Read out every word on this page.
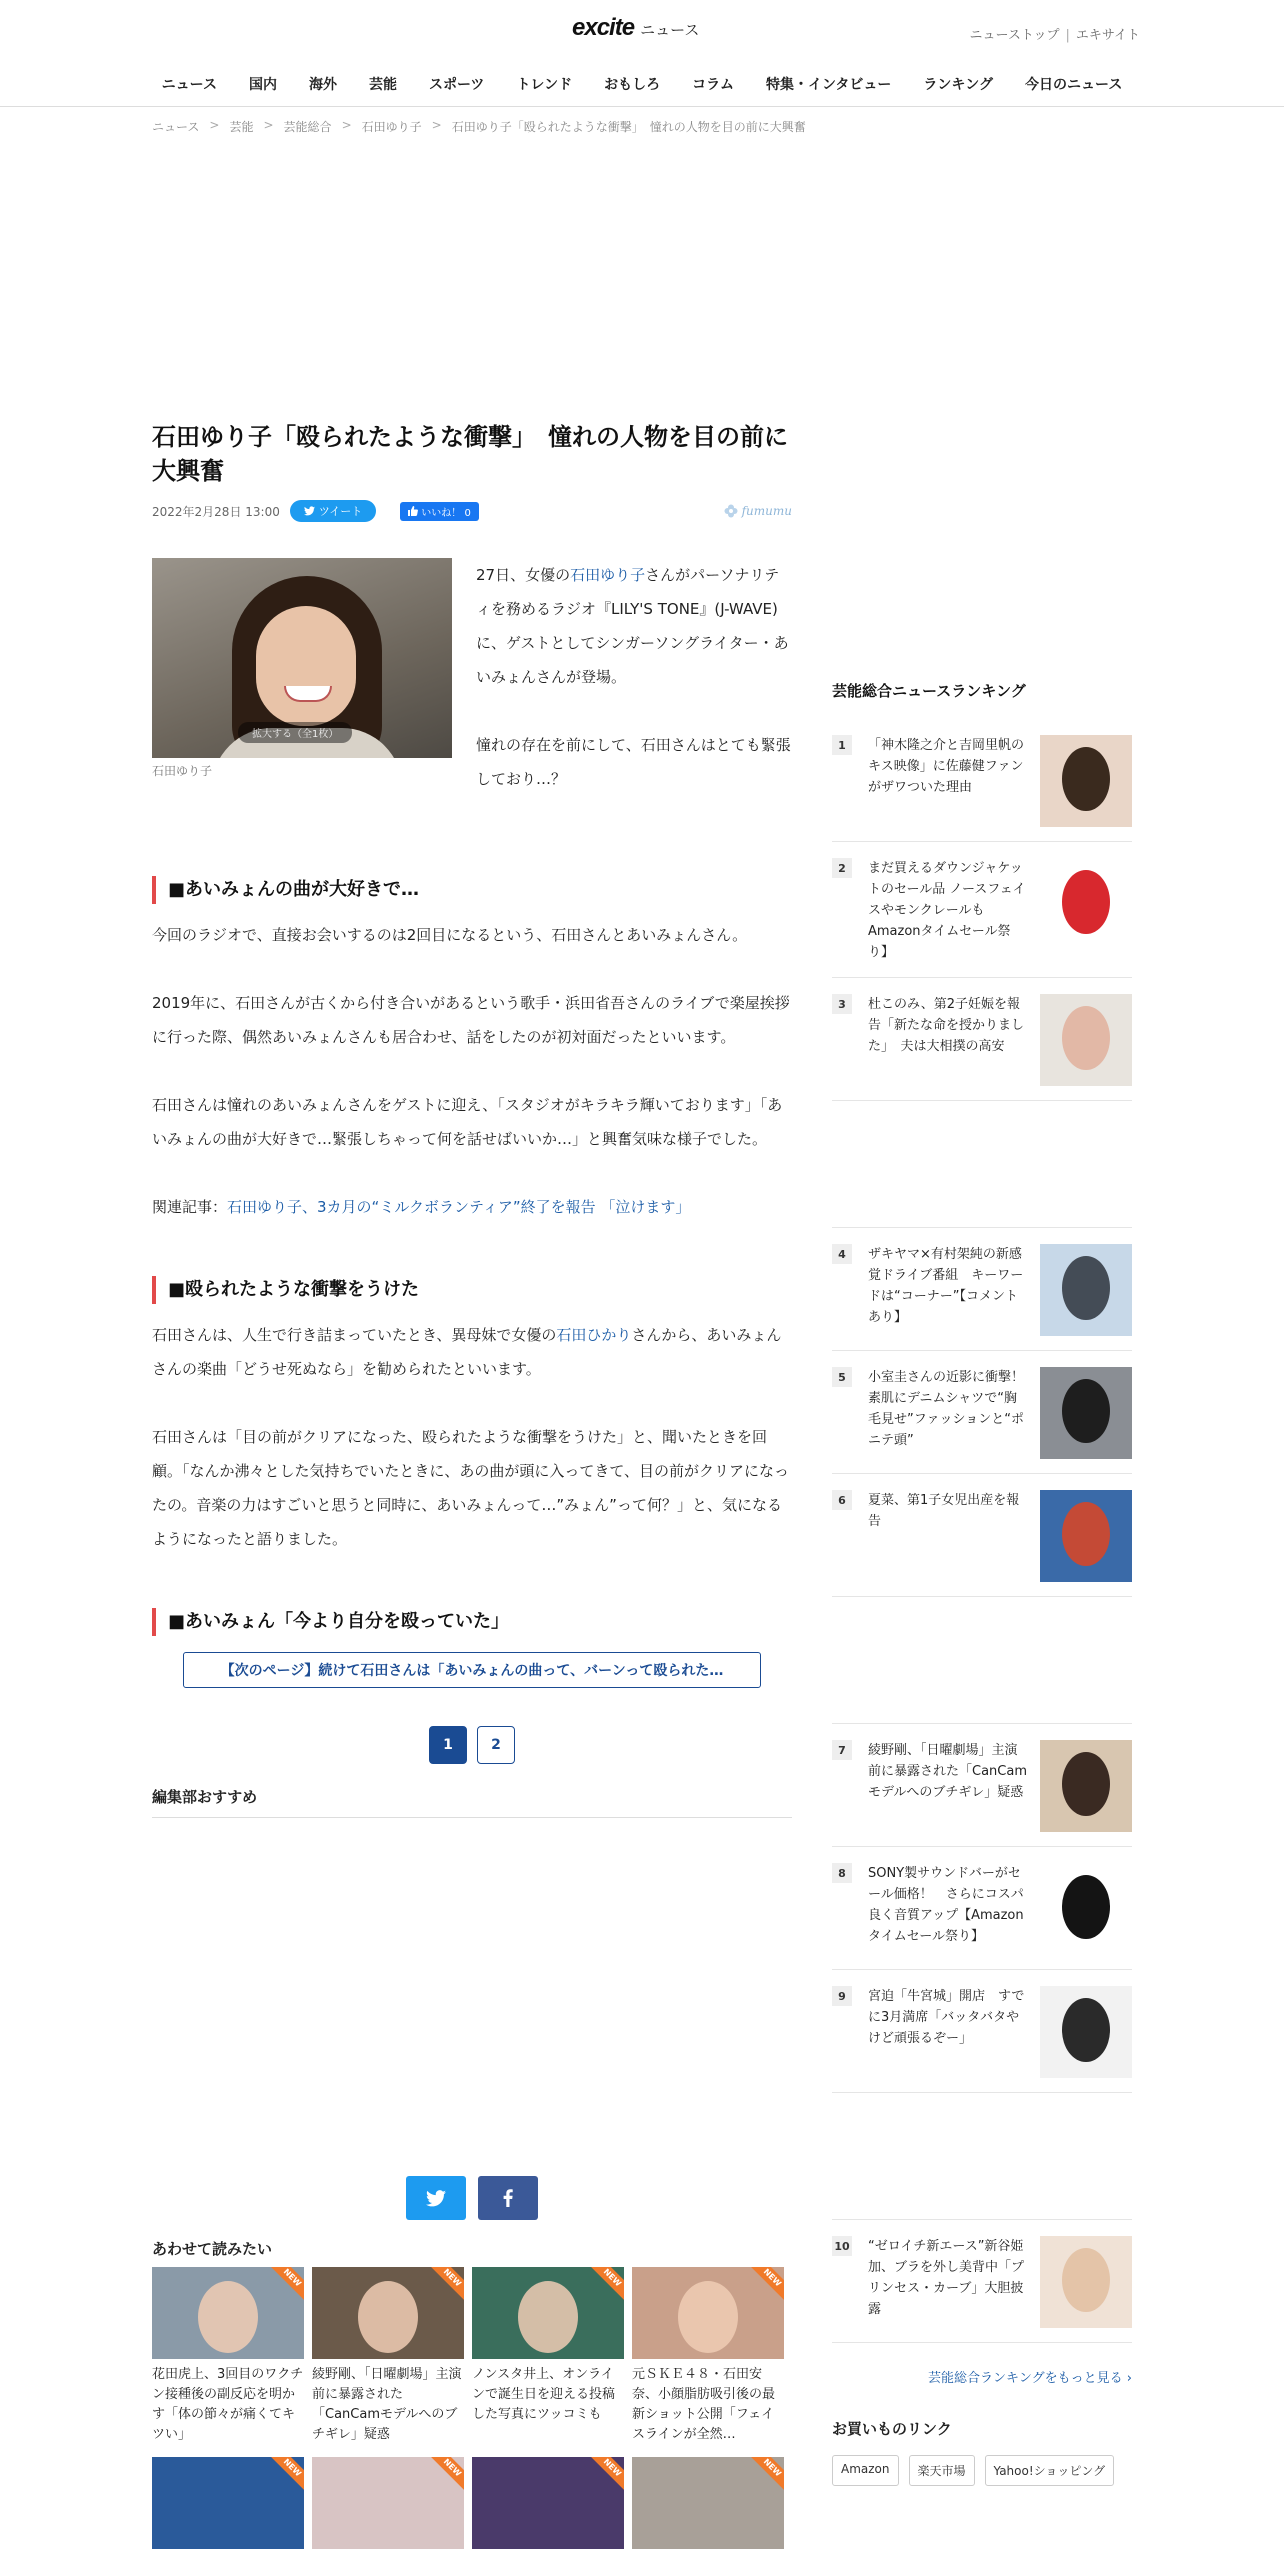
excite ニュース	ニューストップ | エキサイト
ニュース	国内	海外	芸能	スポーツ	トレンド	おもしろ	コラム	特集・インタビュー	ランキング	今日のニュース
ニュース > 芸能 > 芸能総合 > 石田ゆり子 > 石田ゆり子「殴られたような衝撃」　憧れの人物を目の前に大興奮
石田ゆり子「殴られたような衝撃」　憧れの人物を目の前に大興奮
2022年2月28日 13:00	ツイート	いいね！ 0	fumumu
拡大する（全1枚）
石田ゆり子

27日、女優の石田ゆり子さんがパーソナリティを務めるラジオ『LILY'S TONE』(J-WAVE)に、ゲストとしてシンガーソングライター・あいみょんさんが登場。

憧れの存在を前にして、石田さんはとても緊張しており…？

■あいみょんの曲が大好きで…

今回のラジオで、直接お会いするのは2回目になるという、石田さんとあいみょんさん。

2019年に、石田さんが古くから付き合いがあるという歌手・浜田省吾さんのライブで楽屋挨拶に行った際、偶然あいみょんさんも居合わせ、話をしたのが初対面だったといいます。

石田さんは憧れのあいみょんさんをゲストに迎え、「スタジオがキラキラ輝いております」「あいみょんの曲が大好きで…緊張しちゃって何を話せばいいか…」と興奮気味な様子でした。

関連記事：石田ゆり子、3カ月の“ミルクボランティア”終了を報告 「泣けます」

■殴られたような衝撃をうけた

石田さんは、人生で行き詰まっていたとき、異母妹で女優の石田ひかりさんから、あいみょんさんの楽曲「どうせ死ぬなら」を勧められたといいます。

石田さんは「目の前がクリアになった、殴られたような衝撃をうけた」と、聞いたときを回顧。「なんか沸々とした気持ちでいたときに、あの曲が頭に入ってきて、目の前がクリアになったの。音楽の力はすごいと思うと同時に、あいみょんって…”みょん”って何？」と、気になるようになったと語りました。

■あいみょん「今より自分を殴っていた」
【次のページ】続けて石田さんは「あいみょんの曲って、バーンって殴られた…
1	2
編集部おすすめ
あわせて読みたい
NEW
花田虎上、3回目のワクチン接種後の副反応を明かす「体の節々が痛くてキツい」
NEW
綾野剛、「日曜劇場」主演前に暴露された「CanCamモデルへのブチギレ」疑惑
NEW
ノンスタ井上、オンラインで誕生日を迎える投稿した写真にツッコミも
NEW
元ＳＫＥ４８・石田安奈、小顔脂肪吸引後の最新ショット公開「フェイスラインが全然…
NEW	NEW	NEW	NEW
芸能総合ニュースランキング
1	「神木隆之介と吉岡里帆のキス映像」に佐藤健ファンがザワついた理由
2	まだ買えるダウンジャケットのセール品 ノースフェイスやモンクレールもAmazonタイムセール祭り】
3	杜このみ、第2子妊娠を報告「新たな命を授かりました」　夫は大相撲の高安
4	ザキヤマ×有村架純の新感覚ドライブ番組　キーワードは“コーナー”【コメントあり】
5	小室圭さんの近影に衝撃！素肌にデニムシャツで“胸毛見せ”ファッションと“ポニテ頭”
6	夏菜、第1子女児出産を報告
7	綾野剛、「日曜劇場」主演前に暴露された「CanCamモデルへのブチギレ」疑惑
8	SONY製サウンドバーがセール価格！　さらにコスパ良く音質アップ【Amazonタイムセール祭り】
9	宮迫「牛宮城」開店　すでに3月満席「バッタバタやけど頑張るぞー」
10 “ゼロイチ新エース”新谷姫加、ブラを外し美背中「プリンセス・カーブ」大胆披露
芸能総合ランキングをもっと見る ›
お買いものリンク
Amazon	楽天市場	Yahoo!ショッピング
